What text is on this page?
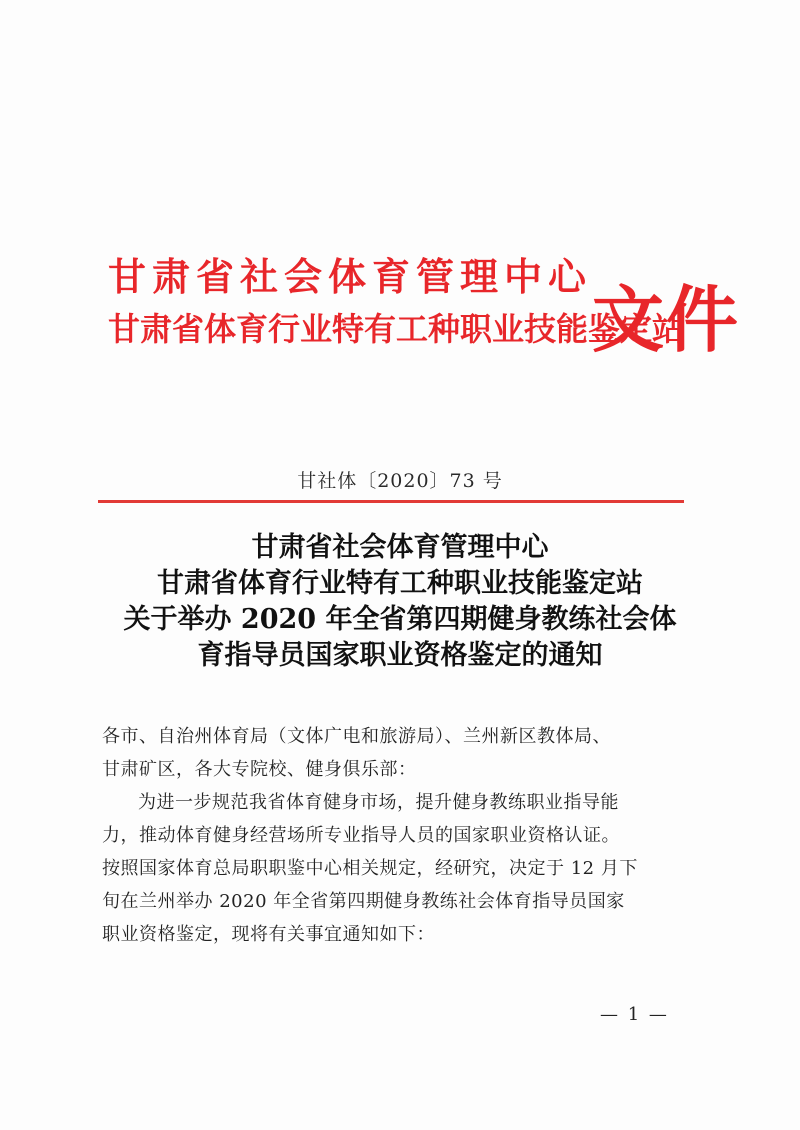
甘肃省社会体育管理中心
甘肃省体育行业特有工种职业技能鉴定站
文件
甘社体〔2020〕73 号
甘肃省社会体育管理中心
甘肃省体育行业特有工种职业技能鉴定站
关于举办 2020 年全省第四期健身教练社会体
育指导员国家职业资格鉴定的通知

各市、自治州体育局（文体广电和旅游局）、兰州新区教体局、
甘肃矿区，各大专院校、健身俱乐部：

为进一步规范我省体育健身市场，提升健身教练职业指导能
力，推动体育健身经营场所专业指导人员的国家职业资格认证。
按照国家体育总局职职鉴中心相关规定，经研究，决定于 12 月下
旬在兰州举办 2020 年全省第四期健身教练社会体育指导员国家
职业资格鉴定，现将有关事宜通知如下：

— 1 —
